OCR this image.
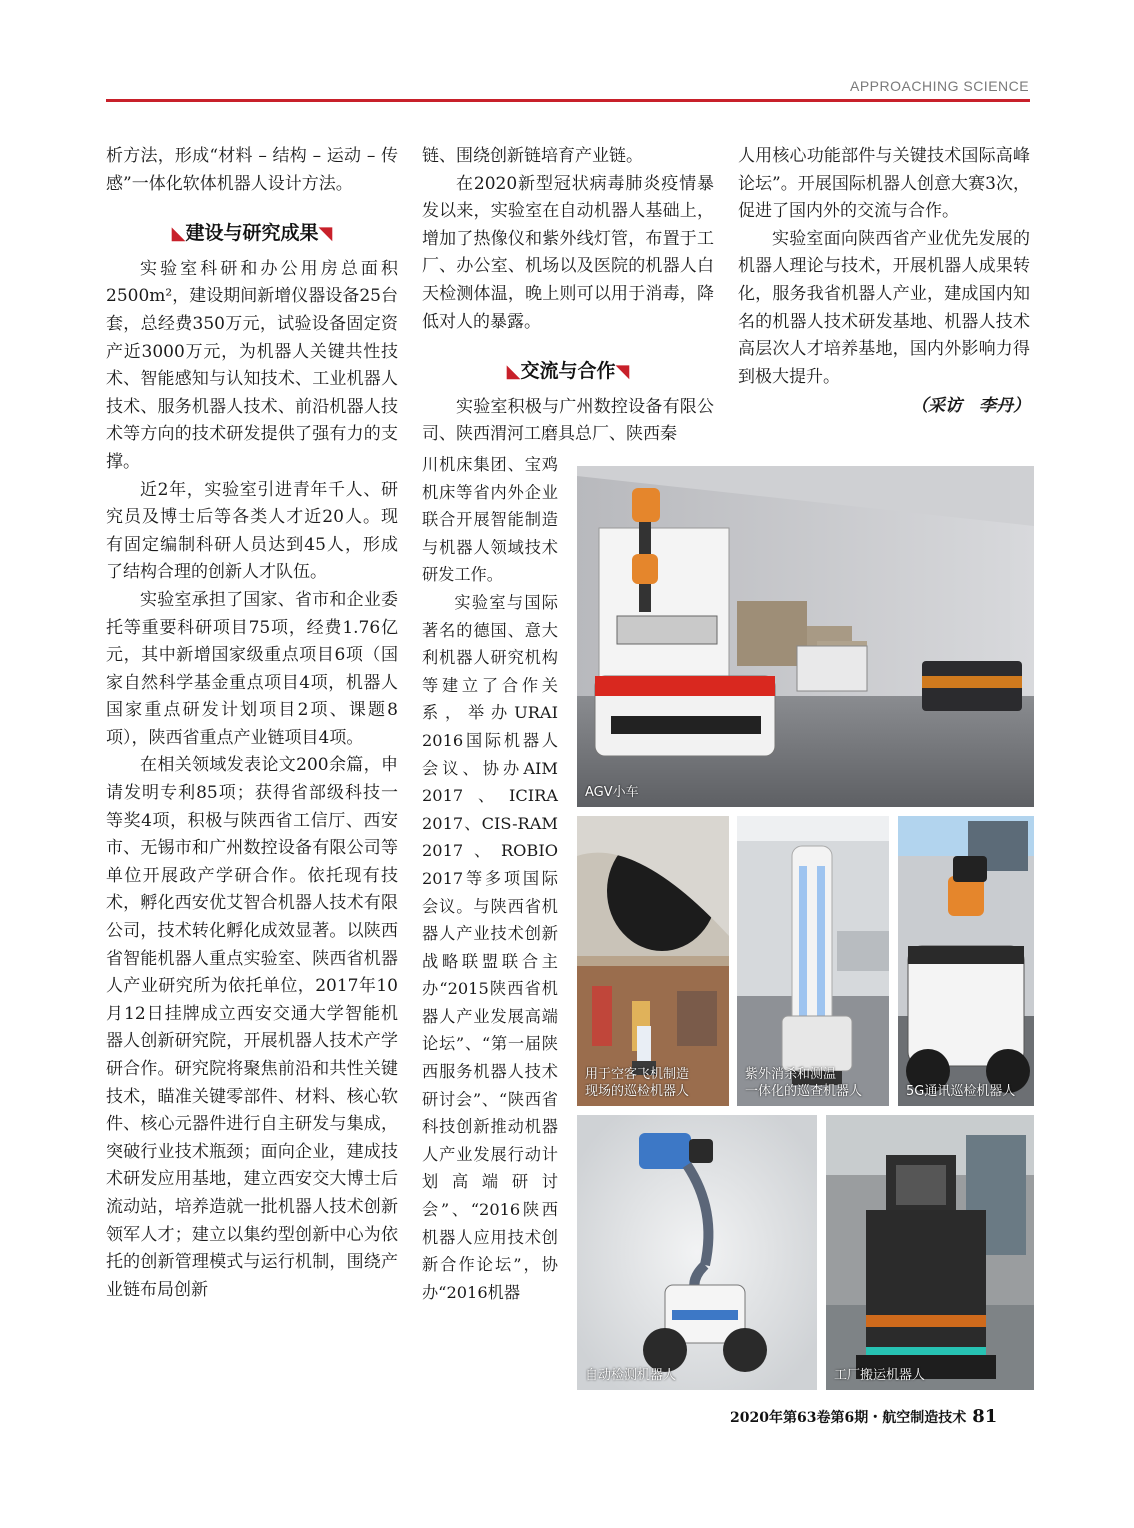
APPROACHING SCIENCE

析方法，形成“材料 – 结构 – 运动 – 传感”一体化软体机器人设计方法。

◣建设与研究成果◥

实验室科研和办公用房总面积2500m²，建设期间新增仪器设备25台套，总经费350万元，试验设备固定资产近3000万元，为机器人关键共性技术、智能感知与认知技术、工业机器人技术、服务机器人技术、前沿机器人技术等方向的技术研发提供了强有力的支撑。

近2年，实验室引进青年千人、研究员及博士后等各类人才近20人。现有固定编制科研人员达到45人，形成了结构合理的创新人才队伍。

实验室承担了国家、省市和企业委托等重要科研项目75项，经费1.76亿元，其中新增国家级重点项目6项（国家自然科学基金重点项目4项，机器人国家重点研发计划项目2项、课题8项），陕西省重点产业链项目4项。

在相关领域发表论文200余篇，申请发明专利85项；获得省部级科技一等奖4项，积极与陕西省工信厅、西安市、无锡市和广州数控设备有限公司等单位开展政产学研合作。依托现有技术，孵化西安优艾智合机器人技术有限公司，技术转化孵化成效显著。以陕西省智能机器人重点实验室、陕西省机器人产业研究所为依托单位，2017年10月12日挂牌成立西安交通大学智能机器人创新研究院，开展机器人技术产学研合作。研究院将聚焦前沿和共性关键技术，瞄准关键零部件、材料、核心软件、核心元器件进行自主研发与集成，突破行业技术瓶颈；面向企业，建成技术研发应用基地，建立西安交大博士后流动站，培养造就一批机器人技术创新领军人才；建立以集约型创新中心为依托的创新管理模式与运行机制，围绕产业链布局创新

链、围绕创新链培育产业链。

在2020新型冠状病毒肺炎疫情暴发以来，实验室在自动机器人基础上，增加了热像仪和紫外线灯管，布置于工厂、办公室、机场以及医院的机器人白天检测体温，晚上则可以用于消毒，降低对人的暴露。

◣交流与合作◥

实验室积极与广州数控设备有限公司、陕西渭河工磨具总厂、陕西秦

川机床集团、宝鸡机床等省内外企业联合开展智能制造与机器人领域技术研发工作。

实验室与国际著名的德国、意大利机器人研究机构等建立了合作关系，举办URAI 2016国际机器人会议、协办AIM 2017、ICIRA 2017、CIS-RAM 2017、ROBIO 2017等多项国际会议。与陕西省机器人产业技术创新战略联盟联合主办“2015陕西省机器人产业发展高端论坛”、“第一届陕西服务机器人技术研讨会”、“陕西省科技创新推动机器人产业发展行动计划高端研讨会”、“2016陕西机器人应用技术创新合作论坛”，协办“2016机器

人用核心功能部件与关键技术国际高峰论坛”。开展国际机器人创意大赛3次，促进了国内外的交流与合作。

实验室面向陕西省产业优先发展的机器人理论与技术，开展机器人成果转化，服务我省机器人产业，建成国内知名的机器人技术研发基地、机器人技术高层次人才培养基地，国内外影响力得到极大提升。

（采访　李丹）
AGV小车
用于空客飞机制造
现场的巡检机器人
紫外消杀和测温
一体化的巡查机器人	5G通讯巡检机器人
自动检测机器人	工厂搬运机器人
2020年第63卷第6期・航空制造技术 81
